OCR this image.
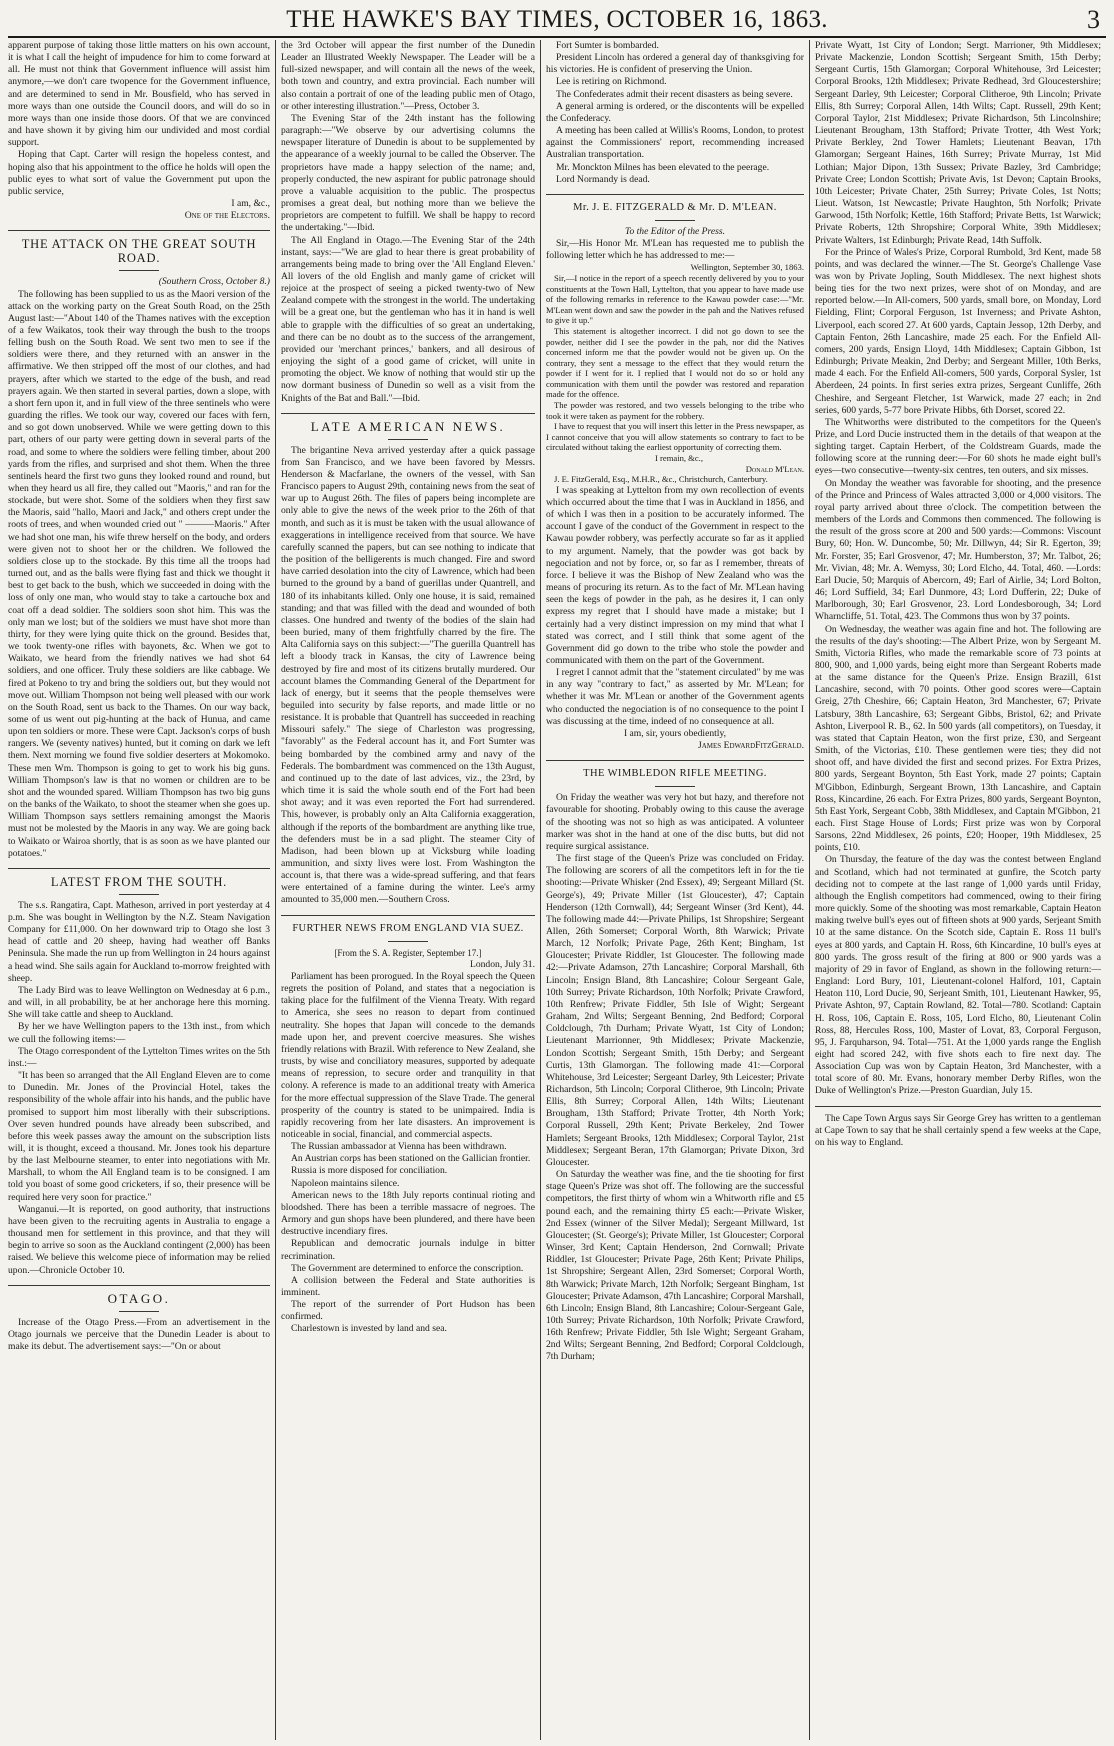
THE HAWKE'S BAY TIMES, OCTOBER 16, 1863.	3

apparent purpose of taking those little matters on his own account, it is what I call the height of impudence for him to come forward at all. He must not think that Government influence will assist him anymore,—we don't care twopence for the Government influence, and are determined to send in Mr. Bousfield, who has served in more ways than one outside the Council doors, and will do so in more ways than one inside those doors. Of that we are convinced and have shown it by giving him our undivided and most cordial support.

Hoping that Capt. Carter will resign the hopeless contest, and hoping also that his appointment to the office he holds will open the public eyes to what sort of value the Government put upon the public service,

I am, &c.,

One of the Electors.

THE ATTACK ON THE GREAT SOUTH ROAD.

(Southern Cross, October 8.)

The following has been supplied to us as the Maori version of the attack on the working party on the Great South Road, on the 25th August last:—"About 140 of the Thames natives with the exception of a few Waikatos, took their way through the bush to the troops felling bush on the South Road. We sent two men to see if the soldiers were there, and they returned with an answer in the affirmative. We then stripped off the most of our clothes, and had prayers, after which we started to the edge of the bush, and read prayers again. We then started in several parties, down a slope, with a short fern upon it, and in full view of the three sentinels who were guarding the rifles. We took our way, covered our faces with fern, and so got down unobserved. While we were getting down to this part, others of our party were getting down in several parts of the road, and some to where the soldiers were felling timber, about 200 yards from the rifles, and surprised and shot them. When the three sentinels heard the first two guns they looked round and round, but when they heard us all fire, they called out "Maoris," and ran for the stockade, but were shot. Some of the soldiers when they first saw the Maoris, said "hallo, Maori and Jack," and others crept under the roots of trees, and when wounded cried out " ———Maoris." After we had shot one man, his wife threw herself on the body, and orders were given not to shoot her or the children. We followed the soldiers close up to the stockade. By this time all the troops had turned out, and as the balls were flying fast and thick we thought it best to get back to the bush, which we succeeded in doing with the loss of only one man, who would stay to take a cartouche box and coat off a dead soldier. The soldiers soon shot him. This was the only man we lost; but of the soldiers we must have shot more than thirty, for they were lying quite thick on the ground. Besides that, we took twenty-one rifles with bayonets, &c. When we got to Waikato, we heard from the friendly natives we had shot 64 soldiers, and one officer. Truly these soldiers are like cabbage. We fired at Pokeno to try and bring the soldiers out, but they would not move out. William Thompson not being well pleased with our work on the South Road, sent us back to the Thames. On our way back, some of us went out pig-hunting at the back of Hunua, and came upon ten soldiers or more. These were Capt. Jackson's corps of bush rangers. We (seventy natives) hunted, but it coming on dark we left them. Next morning we found five soldier deserters at Mokomoko. These men Wm. Thompson is going to get to work his big guns. William Thompson's law is that no women or children are to be shot and the wounded spared. William Thompson has two big guns on the banks of the Waikato, to shoot the steamer when she goes up. William Thompson says settlers remaining amongst the Maoris must not be molested by the Maoris in any way. We are going back to Waikato or Wairoa shortly, that is as soon as we have planted our potatoes."

LATEST FROM THE SOUTH.

The s.s. Rangatira, Capt. Matheson, arrived in port yesterday at 4 p.m. She was bought in Wellington by the N.Z. Steam Navigation Company for £11,000. On her downward trip to Otago she lost 3 head of cattle and 20 sheep, having had weather off Banks Peninsula. She made the run up from Wellington in 24 hours against a head wind. She sails again for Auckland to-morrow freighted with sheep.

The Lady Bird was to leave Wellington on Wednesday at 6 p.m., and will, in all probability, be at her anchorage here this morning. She will take cattle and sheep to Auckland.

By her we have Wellington papers to the 13th inst., from which we cull the following items:—

The Otago correspondent of the Lyttelton Times writes on the 5th inst.:—

"It has been so arranged that the All England Eleven are to come to Dunedin. Mr. Jones of the Provincial Hotel, takes the responsibility of the whole affair into his hands, and the public have promised to support him most liberally with their subscriptions. Over seven hundred pounds have already been subscribed, and before this week passes away the amount on the subscription lists will, it is thought, exceed a thousand. Mr. Jones took his departure by the last Melbourne steamer, to enter into negotiations with Mr. Marshall, to whom the All England team is to be consigned. I am told you boast of some good cricketers, if so, their presence will be required here very soon for practice."

Wanganui.—It is reported, on good authority, that instructions have been given to the recruiting agents in Australia to engage a thousand men for settlement in this province, and that they will begin to arrive so soon as the Auckland contingent (2,000) has been raised. We believe this welcome piece of information may be relied upon.—Chronicle October 10.

OTAGO.

Increase of the Otago Press.—From an advertisement in the Otago journals we perceive that the Dunedin Leader is about to make its debut. The advertisement says:—"On or about

the 3rd October will appear the first number of the Dunedin Leader an Illustrated Weekly Newspaper. The Leader will be a full-sized newspaper, and will contain all the news of the week, both town and country, and extra provincial. Each number will also contain a portrait of one of the leading public men of Otago, or other interesting illustration."—Press, October 3.

The Evening Star of the 24th instant has the following paragraph:—"We observe by our advertising columns the newspaper literature of Dunedin is about to be supplemented by the appearance of a weekly journal to be called the Observer. The proprietors have made a happy selection of the name; and, properly conducted, the new aspirant for public patronage should prove a valuable acquisition to the public. The prospectus promises a great deal, but nothing more than we believe the proprietors are competent to fulfill. We shall be happy to record the undertaking."—Ibid.

The All England in Otago.—The Evening Star of the 24th instant, says:—"We are glad to hear there is great probability of arrangements being made to bring over the 'All England Eleven.' All lovers of the old English and manly game of cricket will rejoice at the prospect of seeing a picked twenty-two of New Zealand compete with the strongest in the world. The undertaking will be a great one, but the gentleman who has it in hand is well able to grapple with the difficulties of so great an undertaking, and there can be no doubt as to the success of the arrangement, provided our 'merchant princes,' bankers, and all desirous of enjoying the sight of a good game of cricket, will unite in promoting the object. We know of nothing that would stir up the now dormant business of Dunedin so well as a visit from the Knights of the Bat and Ball."—Ibid.

LATE AMERICAN NEWS.

The brigantine Neva arrived yesterday after a quick passage from San Francisco, and we have been favored by Messrs. Henderson & Macfarlane, the owners of the vessel, with San Francisco papers to August 29th, containing news from the seat of war up to August 26th. The files of papers being incomplete are only able to give the news of the week prior to the 26th of that month, and such as it is must be taken with the usual allowance of exaggerations in intelligence received from that source. We have carefully scanned the papers, but can see nothing to indicate that the position of the belligerents is much changed. Fire and sword have carried desolation into the city of Lawrence, which had been burned to the ground by a band of guerillas under Quantrell, and 180 of its inhabitants killed. Only one house, it is said, remained standing; and that was filled with the dead and wounded of both classes. One hundred and twenty of the bodies of the slain had been buried, many of them frightfully charred by the fire. The Alta California says on this subject:—"The guerilla Quantrell has left a bloody track in Kansas, the city of Lawrence being destroyed by fire and most of its citizens brutally murdered. Our account blames the Commanding General of the Department for lack of energy, but it seems that the people themselves were beguiled into security by false reports, and made little or no resistance. It is probable that Quantrell has succeeded in reaching Missouri safely." The siege of Charleston was progressing, "favorably" as the Federal account has it, and Fort Sumter was being bombarded by the combined army and navy of the Federals. The bombardment was commenced on the 13th August, and continued up to the date of last advices, viz., the 23rd, by which time it is said the whole south end of the Fort had been shot away; and it was even reported the Fort had surrendered. This, however, is probably only an Alta California exaggeration, although if the reports of the bombardment are anything like true, the defenders must be in a sad plight. The steamer City of Madison, had been blown up at Vicksburg while loading ammunition, and sixty lives were lost. From Washington the account is, that there was a wide-spread suffering, and that fears were entertained of a famine during the winter. Lee's army amounted to 35,000 men.—Southern Cross.

FURTHER NEWS FROM ENGLAND VIA SUEZ.

[From the S. A. Register, September 17.]

London, July 31.

Parliament has been prorogued. In the Royal speech the Queen regrets the position of Poland, and states that a negociation is taking place for the fulfilment of the Vienna Treaty. With regard to America, she sees no reason to depart from continued neutrality. She hopes that Japan will concede to the demands made upon her, and prevent coercive measures. She wishes friendly relations with Brazil. With reference to New Zealand, she trusts, by wise and conciliatory measures, supported by adequate means of repression, to secure order and tranquility in that colony. A reference is made to an additional treaty with America for the more effectual suppression of the Slave Trade. The general prosperity of the country is stated to be unimpaired. India is rapidly recovering from her late disasters. An improvement is noticeable in social, financial, and commercial aspects.

The Russian ambassador at Vienna has been withdrawn.

An Austrian corps has been stationed on the Gallician frontier.

Russia is more disposed for conciliation.

Napoleon maintains silence.

American news to the 18th July reports continual rioting and bloodshed. There has been a terrible massacre of negroes. The Armory and gun shops have been plundered, and there have been destructive incendiary fires.

Republican and democratic journals indulge in bitter recrimination.

The Government are determined to enforce the conscription.

A collision between the Federal and State authorities is imminent.

The report of the surrender of Port Hudson has been confirmed.

Charlestown is invested by land and sea.

Fort Sumter is bombarded.

President Lincoln has ordered a general day of thanksgiving for his victories. He is confident of preserving the Union.

Lee is retiring on Richmond.

The Confederates admit their recent disasters as being severe.

A general arming is ordered, or the discontents will be expelled the Confederacy.

A meeting has been called at Willis's Rooms, London, to protest against the Commissioners' report, recommending increased Australian transportation.

Mr. Monckton Milnes has been elevated to the peerage.

Lord Normandy is dead.

Mr. J. E. FITZGERALD & Mr. D. M'LEAN.

To the Editor of the Press.

Sir,—His Honor Mr. M'Lean has requested me to publish the following letter which he has addressed to me:—

Wellington, September 30, 1863.

Sir,—I notice in the report of a speech recently delivered by you to your constituents at the Town Hall, Lyttelton, that you appear to have made use of the following remarks in reference to the Kawau powder case:—"Mr. M'Lean went down and saw the powder in the pah and the Natives refused to give it up."

This statement is altogether incorrect. I did not go down to see the powder, neither did I see the powder in the pah, nor did the Natives concerned inform me that the powder would not be given up. On the contrary, they sent a message to the effect that they would return the powder if I went for it. I replied that I would not do so or hold any communication with them until the powder was restored and reparation made for the offence.

The powder was restored, and two vessels belonging to the tribe who took it were taken as payment for the robbery.

I have to request that you will insert this letter in the Press newspaper, as I cannot conceive that you will allow statements so contrary to fact to be circulated without taking the earliest opportunity of correcting them.

I remain, &c.,

Donald M'Lean.

J. E. FitzGerald, Esq., M.H.R., &c., Christchurch, Canterbury.

I was speaking at Lyttelton from my own recollection of events which occurred about the time that I was in Auckland in 1856, and of which I was then in a position to be accurately informed. The account I gave of the conduct of the Government in respect to the Kawau powder robbery, was perfectly accurate so far as it applied to my argument. Namely, that the powder was got back by negociation and not by force, or, so far as I remember, threats of force. I believe it was the Bishop of New Zealand who was the means of procuring its return. As to the fact of Mr. M'Lean having seen the kegs of powder in the pah, as he desires it, I can only express my regret that I should have made a mistake; but I certainly had a very distinct impression on my mind that what I stated was correct, and I still think that some agent of the Government did go down to the tribe who stole the powder and communicated with them on the part of the Government.

I regret I cannot admit that the "statement circulated" by me was in any way "contrary to fact," as asserted by Mr. M'Lean; for whether it was Mr. M'Lean or another of the Government agents who conducted the negociation is of no consequence to the point I was discussing at the time, indeed of no consequence at all.

I am, sir, yours obediently,

James EdwardFitzGerald.

THE WIMBLEDON RIFLE MEETING.

On Friday the weather was very hot but hazy, and therefore not favourable for shooting. Probably owing to this cause the average of the shooting was not so high as was anticipated. A volunteer marker was shot in the hand at one of the disc butts, but did not require surgical assistance.

The first stage of the Queen's Prize was concluded on Friday. The following are scorers of all the competitors left in for the tie shooting:—Private Whisker (2nd Essex), 49; Sergeant Millard (St. George's), 49; Private Miller (1st Gloucester), 47; Captain Henderson (12th Cornwall), 44; Sergeant Winser (3rd Kent), 44. The following made 44:—Private Philips, 1st Shropshire; Sergeant Allen, 26th Somerset; Corporal Worth, 8th Warwick; Private March, 12 Norfolk; Private Page, 26th Kent; Bingham, 1st Gloucester; Private Riddler, 1st Gloucester. The following made 42:—Private Adamson, 27th Lancashire; Corporal Marshall, 6th Lincoln; Ensign Bland, 8th Lancashire; Colour Sergeant Gale, 10th Surrey; Private Richardson, 10th Norfolk; Private Crawford, 10th Renfrew; Private Fiddler, 5th Isle of Wight; Sergeant Graham, 2nd Wilts; Sergeant Benning, 2nd Bedford; Corporal Coldclough, 7th Durham; Private Wyatt, 1st City of London; Lieutenant Marrionner, 9th Middlesex; Private Mackenzie, London Scottish; Sergeant Smith, 15th Derby; and Sergeant Curtis, 13th Glamorgan. The following made 41:—Corporal Whitehouse, 3rd Leicester; Sergeant Darley, 9th Leicester; Private Richardson, 5th Lincoln; Corporal Clitheroe, 9th Lincoln; Private Ellis, 8th Surrey; Corporal Allen, 14th Wilts; Lieutenant Brougham, 13th Stafford; Private Trotter, 4th North York; Corporal Russell, 29th Kent; Private Berkeley, 2nd Tower Hamlets; Sergeant Brooks, 12th Middlesex; Corporal Taylor, 21st Middlesex; Sergeant Beran, 17th Glamorgan; Private Dixon, 3rd Gloucester.

On Saturday the weather was fine, and the tie shooting for first stage Queen's Prize was shot off. The following are the successful competitors, the first thirty of whom win a Whitworth rifle and £5 pound each, and the remaining thirty £5 each:—Private Wisker, 2nd Essex (winner of the Silver Medal); Sergeant Millward, 1st Gloucester; (St. George's); Private Miller, 1st Gloucester; Corporal Winser, 3rd Kent; Captain Henderson, 2nd Cornwall; Private Riddler, 1st Gloucester; Private Page, 26th Kent; Private Philips, 1st Shropshire; Sergeant Allen, 23rd Somerset; Corporal Worth, 8th Warwick; Private March, 12th Norfolk; Sergeant Bingham, 1st Gloucester; Private Adamson, 47th Lancashire; Corporal Marshall, 6th Lincoln; Ensign Bland, 8th Lancashire; Colour-Sergeant Gale, 10th Surrey; Private Richardson, 10th Norfolk; Private Crawford, 16th Renfrew; Private Fiddler, 5th Isle Wight; Sergeant Graham, 2nd Wilts; Sergeant Benning, 2nd Bedford; Corporal Coldclough, 7th Durham;

Private Wyatt, 1st City of London; Sergt. Marrioner, 9th Middlesex; Private Mackenzie, London Scottish; Sergeant Smith, 15th Derby; Sergeant Curtis, 15th Glamorgan; Corporal Whitehouse, 3rd Leicester; Corporal Brooks, 12th Middlesex; Private Redhead, 3rd Gloucestershire; Sergeant Darley, 9th Leicester; Corporal Clitheroe, 9th Lincoln; Private Ellis, 8th Surrey; Corporal Allen, 14th Wilts; Capt. Russell, 29th Kent; Corporal Taylor, 21st Middlesex; Private Richardson, 5th Lincolnshire; Lieutenant Brougham, 13th Stafford; Private Trotter, 4th West York; Private Berkley, 2nd Tower Hamlets; Lieutenant Beavan, 17th Glamorgan; Sergeant Haines, 16th Surrey; Private Murray, 1st Mid Lothian; Major Dipon, 13th Sussex; Private Bazley, 3rd Cambridge; Private Cree; London Scottish; Private Avis, 1st Devon; Captain Brooks, 10th Leicester; Private Chater, 25th Surrey; Private Coles, 1st Notts; Lieut. Watson, 1st Newcastle; Private Haughton, 5th Norfolk; Private Garwood, 15th Norfolk; Kettle, 16th Stafford; Private Betts, 1st Warwick; Private Roberts, 12th Shropshire; Corporal White, 39th Middlesex; Private Walters, 1st Edinburgh; Private Read, 14th Suffolk.

For the Prince of Wales's Prize, Corporal Rumbold, 3rd Kent, made 58 points, and was declared the winner.—The St. George's Challenge Vase was won by Private Jopling, South Middlesex. The next highest shots being ties for the two next prizes, were shot of on Monday, and are reported below.—In All-comers, 500 yards, small bore, on Monday, Lord Fielding, Flint; Corporal Ferguson, 1st Inverness; and Private Ashton, Liverpool, each scored 27. At 600 yards, Captain Jessop, 12th Derby, and Captain Fenton, 26th Lancashire, made 25 each. For the Enfield All-comers, 200 yards, Ensign Lloyd, 14th Middlesex; Captain Gibbon, 1st Edinburgh; Private Meakin, 2nd Derby; and Sergeant Miller, 10th Berks, made 4 each. For the Enfield All-comers, 500 yards, Corporal Sysler, 1st Aberdeen, 24 points. In first series extra prizes, Sergeant Cunliffe, 26th Cheshire, and Sergeant Fletcher, 1st Warwick, made 27 each; in 2nd series, 600 yards, 5-77 bore Private Hibbs, 6th Dorset, scored 22.

The Whitworths were distributed to the competitors for the Queen's Prize, and Lord Ducie instructed them in the details of that weapon at the sighting target. Captain Herbert, of the Coldstream Guards, made the following score at the running deer:—For 60 shots he made eight bull's eyes—two consecutive—twenty-six centres, ten outers, and six misses.

On Monday the weather was favorable for shooting, and the presence of the Prince and Princess of Wales attracted 3,000 or 4,000 visitors. The royal party arrived about three o'clock. The competition between the members of the Lords and Commons then commenced. The following is the result of the gross score at 200 and 500 yards:—Commons: Viscount Bury, 60; Hon. W. Duncombe, 50; Mr. Dillwyn, 44; Sir R. Egerton, 39; Mr. Forster, 35; Earl Grosvenor, 47; Mr. Humberston, 37; Mr. Talbot, 26; Mr. Vivian, 48; Mr. A. Wemyss, 30; Lord Elcho, 44. Total, 460. —Lords: Earl Ducie, 50; Marquis of Abercorn, 49; Earl of Airlie, 34; Lord Bolton, 46; Lord Suffield, 34; Earl Dunmore, 43; Lord Dufferin, 22; Duke of Marlborough, 30; Earl Grosvenor, 23. Lord Londesborough, 34; Lord Wharncliffe, 51. Total, 423. The Commons thus won by 37 points.

On Wednesday, the weather was again fine and hot. The following are the results of the day's shooting:—The Albert Prize, won by Sergeant M. Smith, Victoria Rifles, who made the remarkable score of 73 points at 800, 900, and 1,000 yards, being eight more than Sergeant Roberts made at the same distance for the Queen's Prize. Ensign Brazill, 61st Lancashire, second, with 70 points. Other good scores were—Captain Greig, 27th Cheshire, 66; Captain Heaton, 3rd Manchester, 67; Private Latsbury, 38th Lancashire, 63; Sergeant Gibbs, Bristol, 62; and Private Ashton, Liverpool R. B., 62. In 500 yards (all competitors), on Tuesday, it was stated that Captain Heaton, won the first prize, £30, and Sergeant Smith, of the Victorias, £10. These gentlemen were ties; they did not shoot off, and have divided the first and second prizes. For Extra Prizes, 800 yards, Sergeant Boynton, 5th East York, made 27 points; Captain M'Gibbon, Edinburgh, Sergeant Brown, 13th Lancashire, and Captain Ross, Kincardine, 26 each. For Extra Prizes, 800 yards, Sergeant Boynton, 5th East York, Sergeant Cobb, 38th Middlesex, and Captain M'Gibbon, 21 each. First Stage House of Lords; First prize was won by Corporal Sarsons, 22nd Middlesex, 26 points, £20; Hooper, 19th Middlesex, 25 points, £10.

On Thursday, the feature of the day was the contest between England and Scotland, which had not terminated at gunfire, the Scotch party deciding not to compete at the last range of 1,000 yards until Friday, although the English competitors had commenced, owing to their firing more quickly. Some of the shooting was most remarkable, Captain Heaton making twelve bull's eyes out of fifteen shots at 900 yards, Serjeant Smith 10 at the same distance. On the Scotch side, Captain E. Ross 11 bull's eyes at 800 yards, and Captain H. Ross, 6th Kincardine, 10 bull's eyes at 800 yards. The gross result of the firing at 800 or 900 yards was a majority of 29 in favor of England, as shown in the following return:—England: Lord Bury, 101, Lieutenant-colonel Halford, 101, Captain Heaton 110, Lord Ducie, 90, Serjeant Smith, 101, Lieutenant Hawker, 95, Private Ashton, 97, Captain Rowland, 82. Total—780. Scotland: Captain H. Ross, 106, Captain E. Ross, 105, Lord Elcho, 80, Lieutenant Colin Ross, 88, Hercules Ross, 100, Master of Lovat, 83, Corporal Ferguson, 95, J. Farquharson, 94. Total—751. At the 1,000 yards range the English eight had scored 242, with five shots each to fire next day. The Association Cup was won by Captain Heaton, 3rd Manchester, with a total score of 80. Mr. Evans, honorary member Derby Rifles, won the Duke of Wellington's Prize.—Preston Guardian, July 15.

The Cape Town Argus says Sir George Grey has written to a gentleman at Cape Town to say that he shall certainly spend a few weeks at the Cape, on his way to England.
